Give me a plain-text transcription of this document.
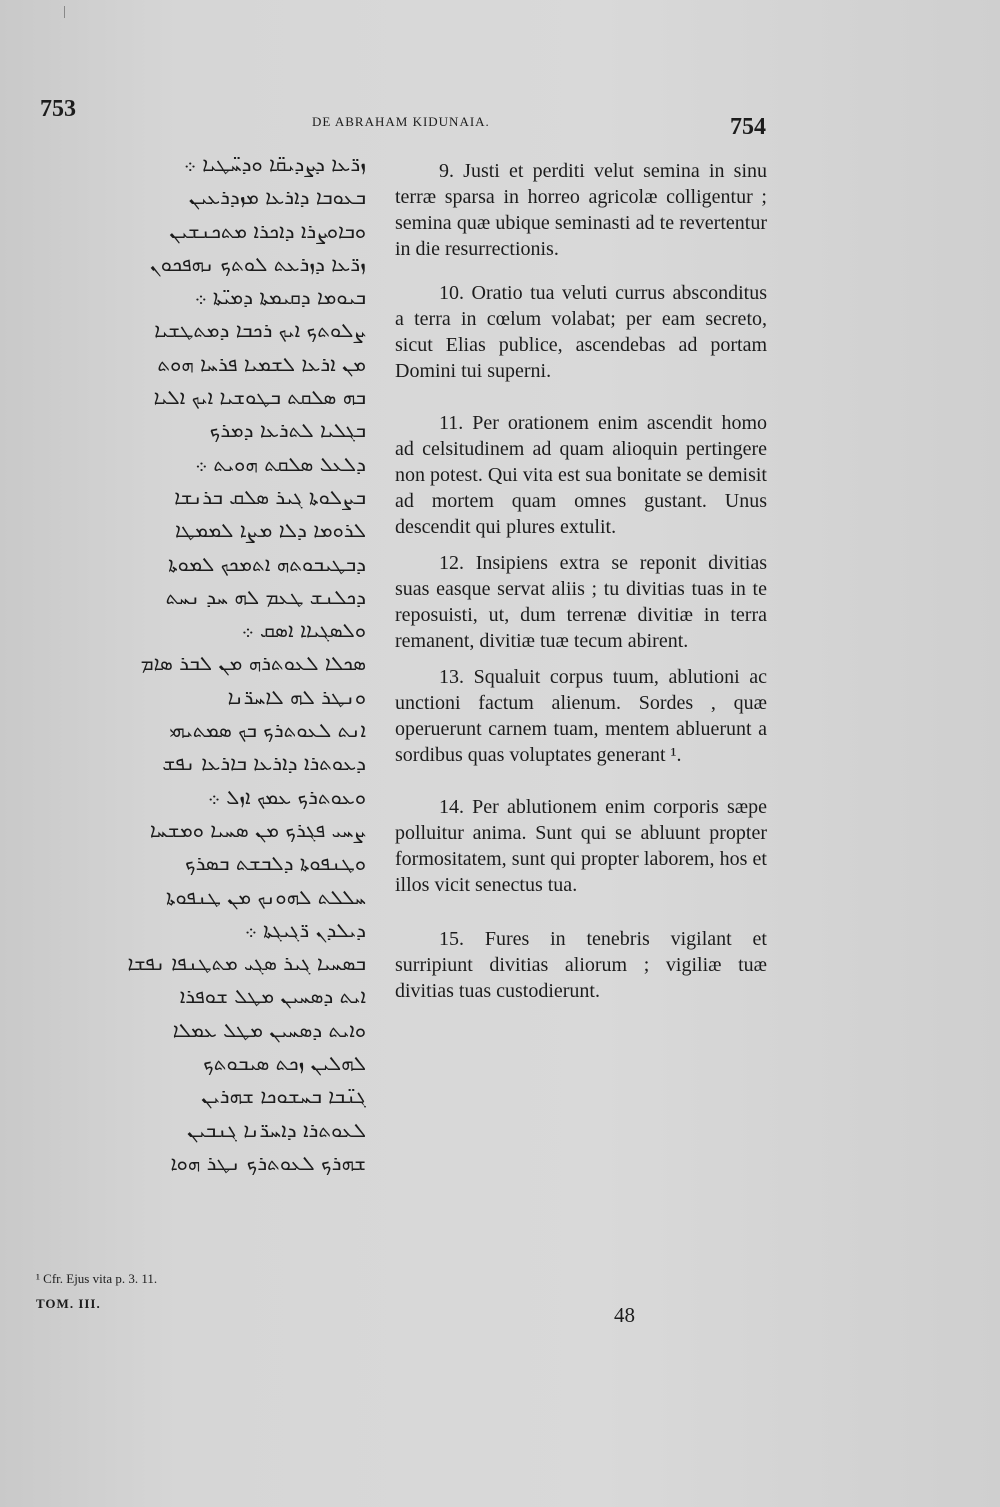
753	DE ABRAHAM KIDUNAIA.	754
ܙܪ̈ܥܐ ܕܨܕܝܩ̈ܐ ܘܕܚ̈ܛܝܐ ܀
ܒܥܘܒܐ ܕܐܪܥܐ ܡܙܕܪܥܝܢ
ܘܒܐܘܨܪܐ ܕܐܟܪܐ ܡܬܟܢܫܝܢ
ܙܪ̈ܥܐ ܕܙܪܥܬ ܠܘܬܟ ܢܗܦܟܘܢ
ܒܝܘܡܐ ܕܩܝܡܬܐ ܕܡܝ̈ܬܐ ܀
ܨܠܘܬܟ ܐܝܟ ܪܟܒܐ ܕܡܬܛܫܝܐ
ܡܢ ܐܪܥܐ ܠܫܡܝܐ ܦܪܚܐ ܗܘܬ
ܒܗ ܣܠܩܬ ܒܛܘܫܝܐ ܐܝܟ ܐܠܝܐ
ܒܓܠܝܐ ܠܬܪܥܐ ܕܡܪܟ
ܕܠܥܠ ܣܠܩܬ ܗܘܝܬ ܀
ܒܨܠܘܬܐ ܓܝܪ ܣܠܩ ܒܪܢܫܐ
ܠܪܘܡܐ ܕܠܐ ܡܨܐ ܠܡܡܛܐ
ܕܒܛܝܒܘܬܗ ܐܬܡܟܟ ܠܡܘܬܐ
ܕܟܠܢܫ ܛܥܡ ܠܗ ܚܕ ܢܚܬ
ܘܠܣܓܝܐܐ ܐܣܩ ܀
ܣܟܠܐ ܠܥܘܬܪܗ ܡܢ ܠܒܪ ܣܐܡ
ܘܢܛܪ ܠܗ ܠܐܚܪ̈ܢܐ
ܐܢܬ ܠܥܘܬܪܟ ܒܟ ܣܡܬܝܗܝ
ܕܥܘܬܪܐ ܕܐܪܥܐ ܒܐܪܥܐ ܢܦܫ
ܘܥܘܬܪܟ ܥܡܟ ܐܙܠ ܀
ܨܚܝ ܦܓܪܟ ܡܢ ܣܚܝܐ ܘܡܫܚܐ
ܘܛܢܦܘܬܐ ܕܠܒܫܬ ܒܣܪܟ
ܚܠܠܬ ܠܗܘܢܟ ܡܢ ܛܢܦܘܬܐ
ܕܝܠܕܢ ܪ̈ܓܝܓܬܐ ܀
ܒܣܚܝܐ ܓܝܪ ܣܓܝ ܡܬܛܢܦܐ ܢܦܫܐ
ܐܝܬ ܕܣܚܝܢ ܡܛܠ ܫܘܦܪܐ
ܘܐܝܬ ܕܣܚܝܢ ܡܛܠ ܥܡܠܐ
ܠܗܠܝܢ ܙܟܬ ܣܝܒܘܬܟ
ܓܢ̈ܒܐ ܒܚܫܘܟܐ ܫܗܪܝܢ
ܠܥܘܬܪܐ ܕܐܚܪ̈ܢܐ ܓܢܒܝܢ
ܫܗܪܟ ܠܥܘܬܪܟ ܢܛܪ ܗܘܐ

9. Justi et perditi velut semina in sinu terræ sparsa in horreo agricolæ colligentur ; semina quæ ubique seminasti ad te revertentur in die resurrectionis.

10. Oratio tua veluti currus absconditus a terra in cœlum volabat; per eam secreto, sicut Elias publice, ascendebas ad portam Domini tui superni.

11. Per orationem enim ascendit homo ad celsitudinem ad quam alioquin pertingere non potest. Qui vita est sua bonitate se demisit ad mortem quam omnes gustant. Unus descendit qui plures extulit.

12. Insipiens extra se reponit divitias suas easque servat aliis ; tu divitias tuas in te reposuisti, ut, dum terrenæ divitiæ in terra remanent, divitiæ tuæ tecum abirent.

13. Squaluit corpus tuum, ablutioni ac unctioni factum alienum. Sordes , quæ operuerunt carnem tuam, mentem abluerunt a sordibus quas voluptates generant ¹.

14. Per ablutionem enim corporis sæpe polluitur anima. Sunt qui se abluunt propter formositatem, sunt qui propter laborem, hos et illos vicit senectus tua.

15. Fures in tenebris vigilant et surripiunt divitias aliorum ; vigiliæ tuæ divitias tuas custodierunt.

¹ Cfr. Ejus vita p. 3. 11.
TOM. III.	48
